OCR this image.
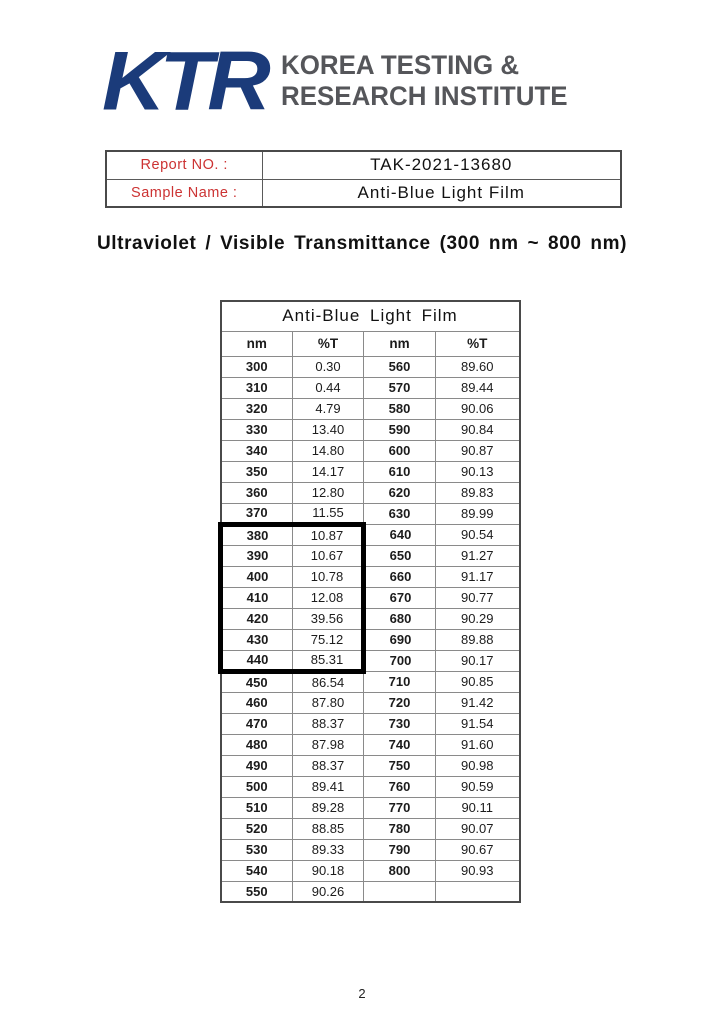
KTR KOREA TESTING &
RESEARCH INSTITUTE
Report NO. :	TAK-2021-13680
Sample Name :	Anti-Blue Light Film
Ultraviolet / Visible Transmittance (300 nm ~ 800 nm)
Anti-Blue Light Film			
nm	%T	nm	%T
300	0.30	560	89.60
310	0.44	570	89.44
320	4.79	580	90.06
330	13.40	590	90.84
340	14.80	600	90.87
350	14.17	610	90.13
360	12.80	620	89.83
370	11.55	630	89.99
380	10.87	640	90.54
390	10.67	650	91.27
400	10.78	660	91.17
410	12.08	670	90.77
420	39.56	680	90.29
430	75.12	690	89.88
440	85.31	700	90.17
450	86.54	710	90.85
460	87.80	720	91.42
470	88.37	730	91.54
480	87.98	740	91.60
490	88.37	750	90.98
500	89.41	760	90.59
510	89.28	770	90.11
520	88.85	780	90.07
530	89.33	790	90.67
540	90.18	800	90.93
550	90.26		
2
